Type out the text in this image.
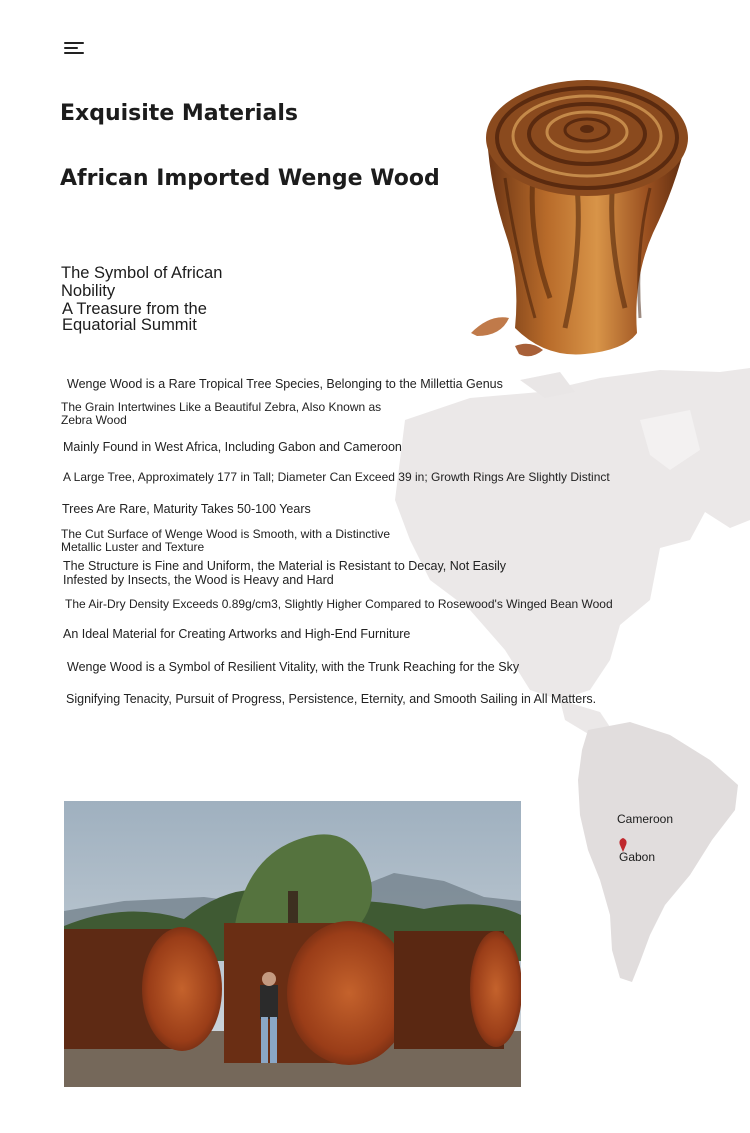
Exquisite Materials
African Imported Wenge Wood
The Symbol of African
Nobility
A Treasure from the
Equatorial Summit
Wenge Wood is a Rare Tropical Tree Species, Belonging to the Millettia Genus
The Grain Intertwines Like a Beautiful Zebra, Also Known as
Zebra Wood
Mainly Found in West Africa, Including Gabon and Cameroon
A Large Tree, Approximately 177 in Tall; Diameter Can Exceed 39 in; Growth Rings Are Slightly Distinct
Trees Are Rare, Maturity Takes 50-100 Years
The Cut Surface of Wenge Wood is Smooth, with a Distinctive
Metallic Luster and Texture
The Structure is Fine and Uniform, the Material is Resistant to Decay, Not Easily
Infested by Insects, the Wood is Heavy and Hard
The Air-Dry Density Exceeds 0.89g/cm3, Slightly Higher Compared to Rosewood's Winged Bean Wood
An Ideal Material for Creating Artworks and High-End Furniture
Wenge Wood is a Symbol of Resilient Vitality, with the Trunk Reaching for the Sky
Signifying Tenacity, Pursuit of Progress, Persistence, Eternity, and Smooth Sailing in All Matters.
Cameroon
Gabon
